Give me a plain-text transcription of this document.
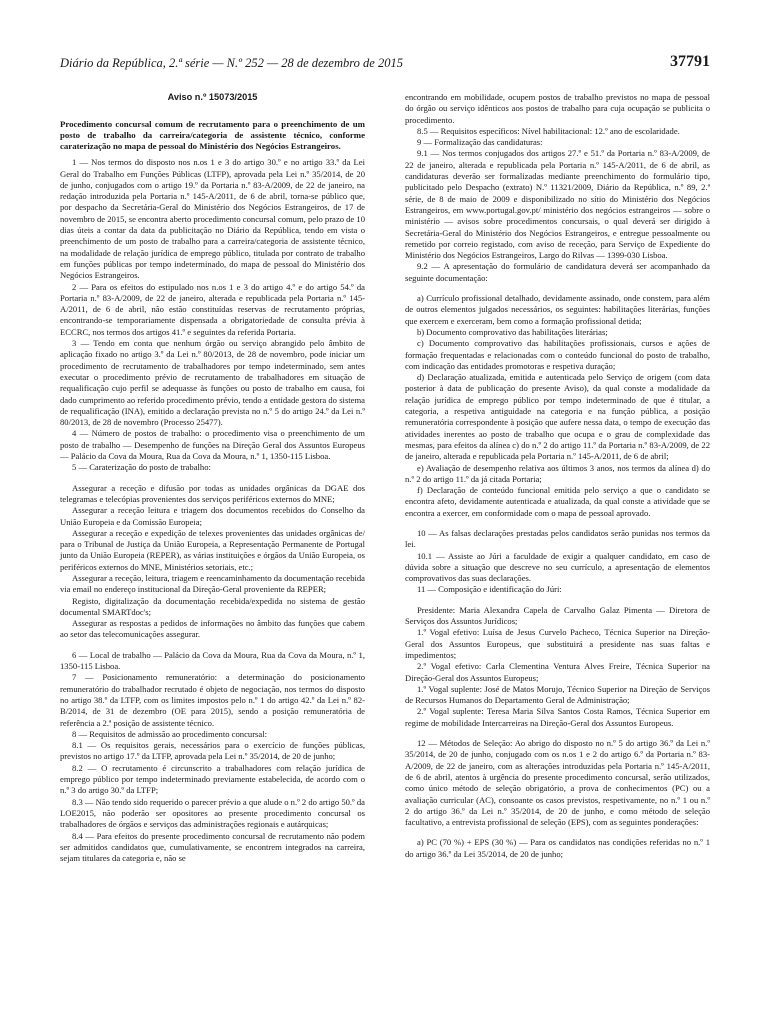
Diário da República, 2.ª série — N.º 252 — 28 de dezembro de 2015	37791
Aviso n.º 15073/2015
Procedimento concursal comum de recrutamento para o preenchimento de um posto de trabalho da carreira/categoria de assistente técnico, conforme caraterização no mapa de pessoal do Ministério dos Negócios Estrangeiros.

1 — Nos termos do disposto nos n.os 1 e 3 do artigo 30.º e no artigo 33.º da Lei Geral do Trabalho em Funções Públicas (LTFP), aprovada pela Lei n.º 35/2014, de 20 de junho, conjugados com o artigo 19.º da Portaria n.º 83-A/2009, de 22 de janeiro, na redação introduzida pela Portaria n.º 145-A/2011, de 6 de abril, torna-se público que, por despacho da Secretária-Geral do Ministério dos Negócios Estrangeiros, de 17 de novembro de 2015, se encontra aberto procedimento concursal comum, pelo prazo de 10 dias úteis a contar da data da publicitação no Diário da República, tendo em vista o preenchimento de um posto de trabalho para a carreira/categoria de assistente técnico, na modalidade de relação jurídica de emprego público, titulada por contrato de trabalho em funções públicas por tempo indeterminado, do mapa de pessoal do Ministério dos Negócios Estrangeiros.

2 — Para os efeitos do estipulado nos n.os 1 e 3 do artigo 4.º e do artigo 54.º da Portaria n.º 83-A/2009, de 22 de janeiro, alterada e republicada pela Portaria n.º 145-A/2011, de 6 de abril, não estão constituídas reservas de recrutamento próprias, encontrando-se temporariamente dispensada a obrigatoriedade de consulta prévia à ECCRC, nos termos dos artigos 41.º e seguintes da referida Portaria.

3 — Tendo em conta que nenhum órgão ou serviço abrangido pelo âmbito de aplicação fixado no artigo 3.º da Lei n.º 80/2013, de 28 de novembro, pode iniciar um procedimento de recrutamento de trabalhadores por tempo indeterminado, sem antes executar o procedimento prévio de recrutamento de trabalhadores em situação de requalificação cujo perfil se adequasse às funções ou posto de trabalho em causa, foi dado cumprimento ao referido procedimento prévio, tendo a entidade gestora do sistema de requalificação (INA), emitido a declaração prevista no n.º 5 do artigo 24.º da Lei n.º 80/2013, de 28 de novembro (Processo 25477).

4 — Número de postos de trabalho: o procedimento visa o preenchimento de um posto de trabalho — Desempenho de funções na Direção Geral dos Assuntos Europeus — Palácio da Cova da Moura, Rua da Cova da Moura, n.º 1, 1350-115 Lisboa.

5 — Caraterização do posto de trabalho:

Assegurar a receção e difusão por todas as unidades orgânicas da DGAE dos telegramas e telecópias provenientes dos serviços periféricos externos do MNE;

Assegurar a receção leitura e triagem dos documentos recebidos do Conselho da União Europeia e da Comissão Europeia;

Assegurar a receção e expedição de telexes provenientes das unidades orgânicas de/ para o Tribunal de Justiça da União Europeia, a Representação Permanente de Portugal junto da União Europeia (REPER), as várias instituições e órgãos da União Europeia, os periféricos externos do MNE, Ministérios setoriais, etc.;

Assegurar a receção, leitura, triagem e reencaminhamento da documentação recebida via email no endereço institucional da Direção-Geral proveniente da REPER;

Registo, digitalização da documentação recebida/expedida no sistema de gestão documental SMARTdoc's;

Assegurar as respostas a pedidos de informações no âmbito das funções que cabem ao setor das telecomunicações assegurar.

6 — Local de trabalho — Palácio da Cova da Moura, Rua da Cova da Moura, n.º 1, 1350-115 Lisboa.

7 — Posicionamento remuneratório: a determinação do posicionamento remuneratório do trabalhador recrutado é objeto de negociação, nos termos do disposto no artigo 38.º da LTFP, com os limites impostos pelo n.º 1 do artigo 42.º da Lei n.º 82-B/2014, de 31 de dezembro (OE para 2015), sendo a posição remuneratória de referência a 2.ª posição de assistente técnico.

8 — Requisitos de admissão ao procedimento concursal:

8.1 — Os requisitos gerais, necessários para o exercício de funções públicas, previstos no artigo 17.º da LTFP, aprovada pela Lei n.º 35/2014, de 20 de junho;

8.2 — O recrutamento é circunscrito a trabalhadores com relação jurídica de emprego público por tempo indeterminado previamente estabelecida, de acordo com o n.º 3 do artigo 30.º da LTFP;

8.3 — Não tendo sido requerido o parecer prévio a que alude o n.º 2 do artigo 50.º da LOE2015, não poderão ser opositores ao presente procedimento concursal os trabalhadores de órgãos e serviços das administrações regionais e autárquicas;

8.4 — Para efeitos do presente procedimento concursal de recrutamento não podem ser admitidos candidatos que, cumulativamente, se encontrem integrados na carreira, sejam titulares da categoria e, não se

encontrando em mobilidade, ocupem postos de trabalho previstos no mapa de pessoal do órgão ou serviço idênticos aos postos de trabalho para cuja ocupação se publicita o procedimento.

8.5 — Requisitos específicos: Nível habilitacional: 12.º ano de escolaridade.

9 — Formalização das candidaturas:

9.1 — Nos termos conjugados dos artigos 27.º e 51.º da Portaria n.º 83-A/2009, de 22 de janeiro, alterada e republicada pela Portaria n.º 145-A/2011, de 6 de abril, as candidaturas deverão ser formalizadas mediante preenchimento do formulário tipo, publicitado pelo Despacho (extrato) N.º 11321/2009, Diário da República, n.º 89, 2.ª série, de 8 de maio de 2009 e disponibilizado no sítio do Ministério dos Negócios Estrangeiros, em www.portugal.gov.pt/ ministério dos negócios estrangeiros — sobre o ministério — avisos sobre procedimentos concursais, o qual deverá ser dirigido à Secretária-Geral do Ministério dos Negócios Estrangeiros, e entregue pessoalmente ou remetido por correio registado, com aviso de receção, para Serviço de Expediente do Ministério dos Negócios Estrangeiros, Largo do Rilvas — 1399-030 Lisboa.

9.2 — A apresentação do formulário de candidatura deverá ser acompanhado da seguinte documentação:

a) Currículo profissional detalhado, devidamente assinado, onde constem, para além de outros elementos julgados necessários, os seguintes: habilitações literárias, funções que exercem e exerceram, bem como a formação profissional detida;

b) Documento comprovativo das habilitações literárias;

c) Documento comprovativo das habilitações profissionais, cursos e ações de formação frequentadas e relacionadas com o conteúdo funcional do posto de trabalho, com indicação das entidades promotoras e respetiva duração;

d) Declaração atualizada, emitida e autenticada pelo Serviço de origem (com data posterior à data de publicação do presente Aviso), da qual conste a modalidade da relação jurídica de emprego público por tempo indeterminado de que é titular, a categoria, a respetiva antiguidade na categoria e na função pública, a posição remuneratória correspondente à posição que aufere nessa data, o tempo de execução das atividades inerentes ao posto de trabalho que ocupa e o grau de complexidade das mesmas, para efeitos da alínea c) do n.º 2 do artigo 11.º da Portaria n.º 83-A/2009, de 22 de janeiro, alterada e republicada pela Portaria n.º 145-A/2011, de 6 de abril;

e) Avaliação de desempenho relativa aos últimos 3 anos, nos termos da alínea d) do n.º 2 do artigo 11.º da já citada Portaria;

f) Declaração de conteúdo funcional emitida pelo serviço a que o candidato se encontra afeto, devidamente autenticada e atualizada, da qual conste a atividade que se encontra a exercer, em conformidade com o mapa de pessoal aprovado.

10 — As falsas declarações prestadas pelos candidatos serão punidas nos termos da lei.

10.1 — Assiste ao Júri a faculdade de exigir a qualquer candidato, em caso de dúvida sobre a situação que descreve no seu currículo, a apresentação de elementos comprovativos das suas declarações.

11 — Composição e identificação do Júri:

Presidente: Maria Alexandra Capela de Carvalho Galaz Pimenta — Diretora de Serviços dos Assuntos Jurídicos;

1.º Vogal efetivo: Luísa de Jesus Curvelo Pacheco, Técnica Superior na Direção-Geral dos Assuntos Europeus, que substituirá a presidente nas suas faltas e impedimentos;

2.º Vogal efetivo: Carla Clementina Ventura Alves Freire, Técnica Superior na Direção-Geral dos Assuntos Europeus;

1.º Vogal suplente: José de Matos Morujo, Técnico Superior na Direção de Serviços de Recursos Humanos do Departamento Geral de Administração;

2.º Vogal suplente: Teresa Maria Silva Santos Costa Ramos, Técnica Superior em regime de mobilidade Intercarreiras na Direção-Geral dos Assuntos Europeus.

12 — Métodos de Seleção: Ao abrigo do disposto no n.º 5 do artigo 36.º da Lei n.º 35/2014, de 20 de junho, conjugado com os n.os 1 e 2 do artigo 6.º da Portaria n.º 83-A/2009, de 22 de janeiro, com as alterações introduzidas pela Portaria n.º 145-A/2011, de 6 de abril, atentos à urgência do presente procedimento concursal, serão utilizados, como único método de seleção obrigatório, a prova de conhecimentos (PC) ou a avaliação curricular (AC), consoante os casos previstos, respetivamente, no n.º 1 ou n.º 2 do artigo 36.º da Lei n.º 35/2014, de 20 de junho, e como método de seleção facultativo, a entrevista profissional de seleção (EPS), com as seguintes ponderações:

a) PC (70 %) + EPS (30 %) — Para os candidatos nas condições referidas no n.º 1 do artigo 36.º da Lei 35/2014, de 20 de junho;
